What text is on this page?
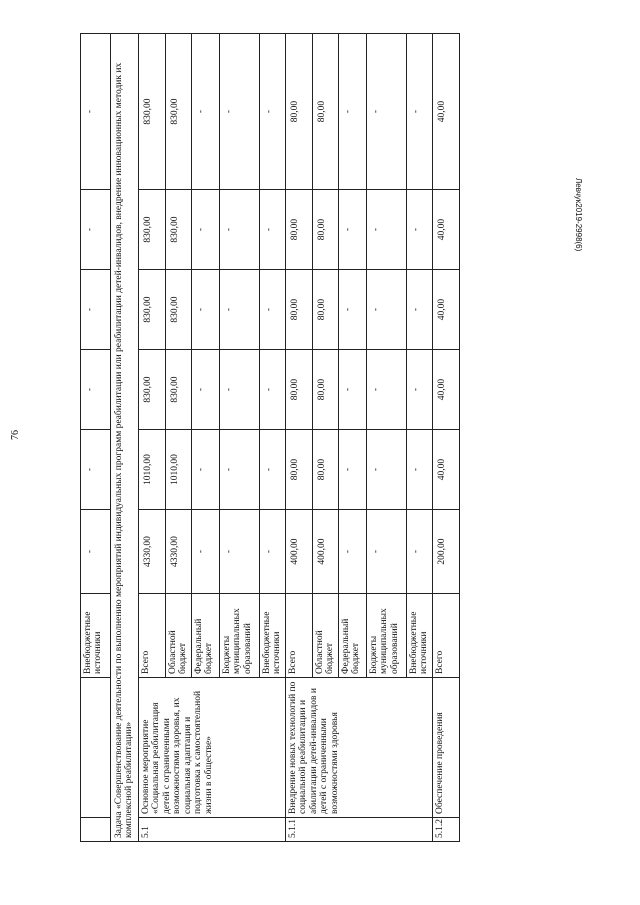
76
Левчук2019-2998(6)
		Внебюджетные источники	-	-	-	-	-	-
Задача «Совершенствование деятельности по выполнению мероприятий индивидуальных программ реабилитации или реабилитации детей-инвалидов, внедрение инновационных методик их комплексной реабилитации»								
5.1	Основное мероприятие «Социальная реабилитация детей с ограниченными возможностями здоровья, их социальная адаптация и подготовка к самостоятельной жизни в обществе»	Всего	4330,00	1010,00	830,00	830,00	830,00	830,00
		Областной бюджет	4330,00	1010,00	830,00	830,00	830,00	830,00
		Федеральный бюджет	-	-	-	-	-	-
		Бюджеты муниципальных образований	-	-	-	-	-	-
		Внебюджетные источники	-	-	-	-	-	-
5.1.1	Внедрение новых технологий по социальной реабилитации и абилитации детей-инвалидов и детей с ограниченными возможностями здоровья	Всего	400,00	80,00	80,00	80,00	80,00	80,00
		Областной бюджет	400,00	80,00	80,00	80,00	80,00	80,00
		Федеральный бюджет	-	-	-	-	-	-
		Бюджеты муниципальных образований	-	-	-	-	-	-
		Внебюджетные источники	-	-	-	-	-	-
5.1.2	Обеспечение проведения	Всего	200,00	40,00	40,00	40,00	40,00	40,00
